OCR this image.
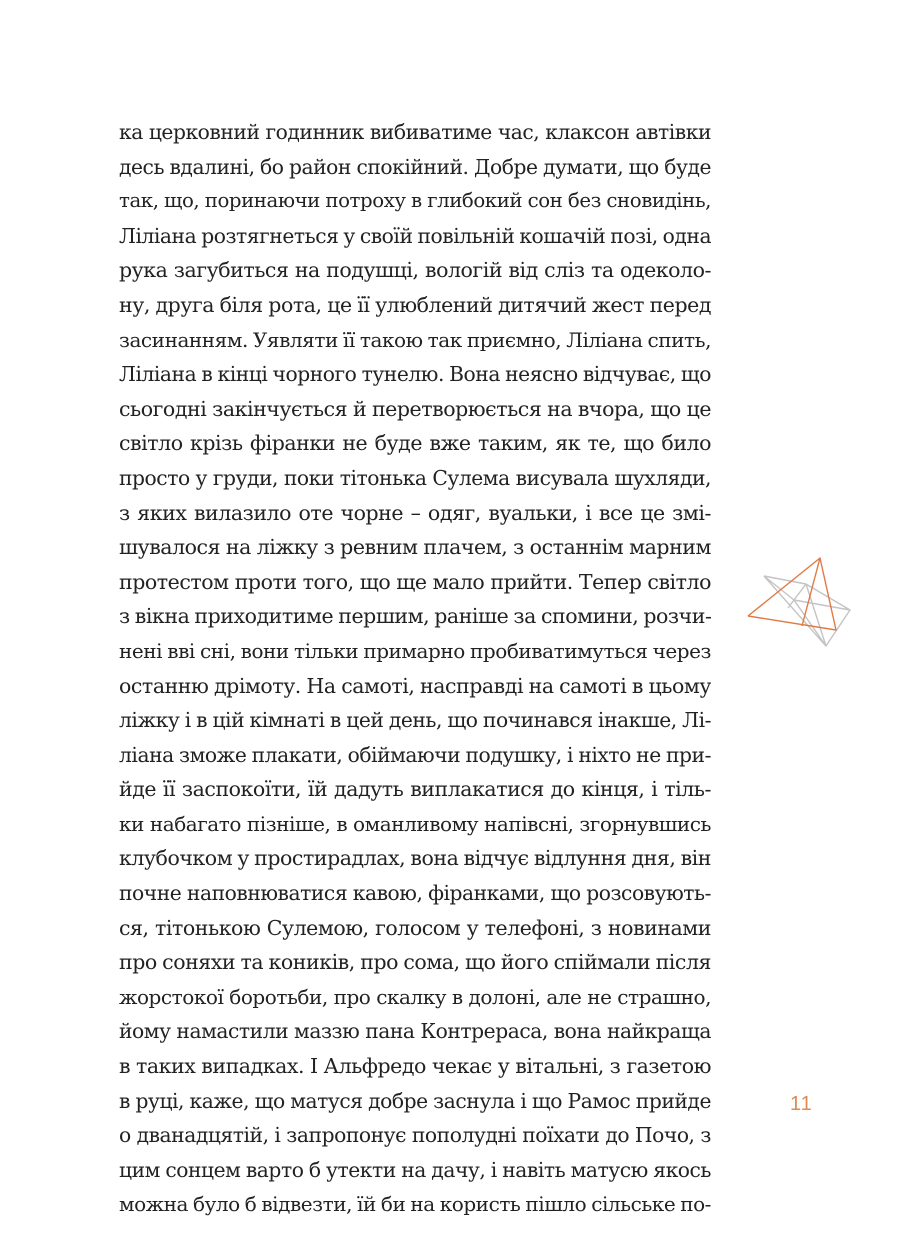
ка церковний годинник вибиватиме час, клаксон автівки
десь вдалині, бо район спокійний. Добре думати, що буде
так, що, поринаючи потроху в глибокий сон без сновидінь,
Ліліана розтягнеться у своїй повільній кошачій позі, одна
рука загубиться на подушці, вологій від сліз та одеколо-
ну, друга біля рота, це її улюблений дитячий жест перед
засинанням. Уявляти її такою так приємно, Ліліана спить,
Ліліана в кінці чорного тунелю. Вона неясно відчуває, що
сьогодні закінчується й перетворюється на вчора, що це
світло крізь фіранки не буде вже таким, як те, що било
просто у груди, поки тітонька Сулема висувала шухляди,
з яких вилазило оте чорне – одяг, вуальки, і все це змі-
шувалося на ліжку з ревним плачем, з останнім марним
протестом проти того, що ще мало прийти. Тепер світло
з вікна приходитиме першим, раніше за спомини, розчи-
нені вві сні, вони тільки примарно пробиватимуться через
останню дрімоту. На самоті, насправді на самоті в цьому
ліжку і в цій кімнаті в цей день, що починався інакше, Лі-
ліана зможе плакати, обіймаючи подушку, і ніхто не при-
йде її заспокоїти, їй дадуть виплакатися до кінця, і тіль-
ки набагато пізніше, в оманливому напівсні, згорнувшись
клубочком у простирадлах, вона відчує відлуння дня, він
почне наповнюватися кавою, фіранками, що розсовують-
ся, тітонькою Сулемою, голосом у телефоні, з новинами
про соняхи та коників, про сома, що його спіймали після
жорстокої боротьби, про скалку в долоні, але не страшно,
йому намастили маззю пана Контрераса, вона найкраща
в таких випадках. І Альфредо чекає у вітальні, з газетою
в руці, каже, що матуся добре заснула і що Рамос прийде
о дванадцятій, і запропонує пополудні поїхати до Почо, з
цим сонцем варто б утекти на дачу, і навіть матусю якось
можна було б відвезти, їй би на користь пішло сільське по-
11
